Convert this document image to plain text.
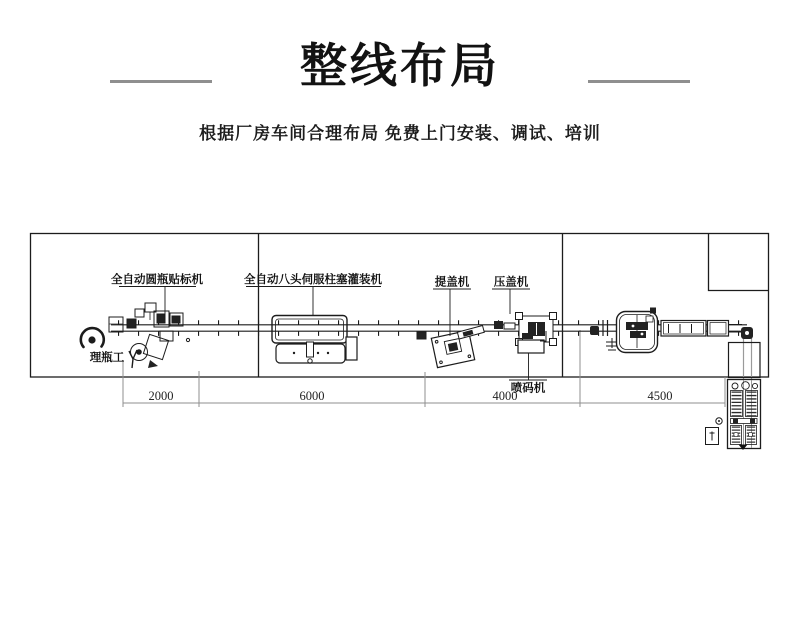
整线布局
根据厂房车间合理布局 免费上门安装、调试、培训
2000	6000	4000	4500
全自动圆瓶贴标机	全自动八头伺服柱塞灌装机	提盖机 压盖机
喷码机
理瓶工
